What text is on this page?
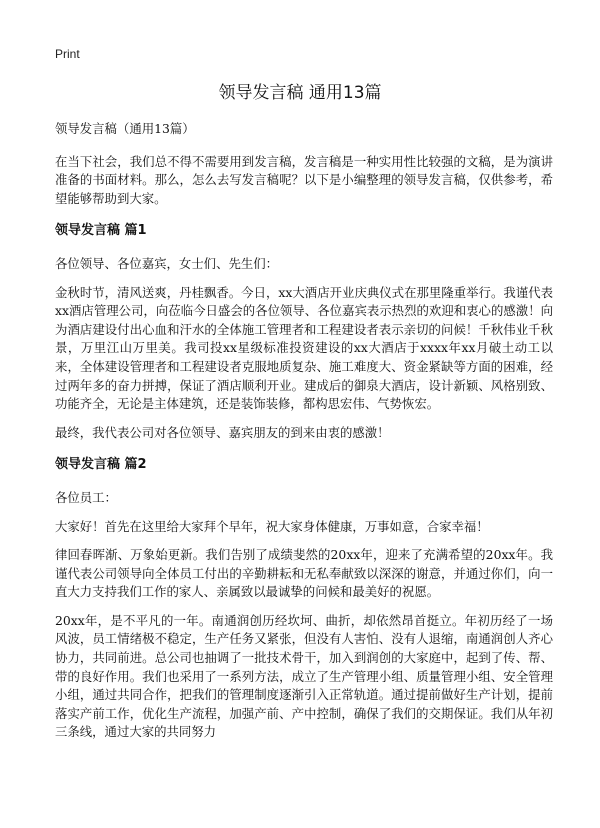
Print
领导发言稿 通用13篇

领导发言稿（通用13篇）

在当下社会，我们总不得不需要用到发言稿，发言稿是一种实用性比较强的文稿，是为演讲准备的书面材料。那么，怎么去写发言稿呢？以下是小编整理的领导发言稿，仅供参考，希望能够帮助到大家。

领导发言稿 篇1

各位领导、各位嘉宾，女士们、先生们：

金秋时节，清风送爽，丹桂飘香。今日，xx大酒店开业庆典仪式在那里隆重举行。我谨代表xx酒店管理公司，向莅临今日盛会的各位领导、各位嘉宾表示热烈的欢迎和衷心的感激！向为酒店建设付出心血和汗水的全体施工管理者和工程建设者表示亲切的问候！千秋伟业千秋景，万里江山万里美。我司投xx星级标准投资建设的xx大酒店于xxxx年xx月破土动工以来，全体建设管理者和工程建设者克服地质复杂、施工难度大、资金紧缺等方面的困难，经过两年多的奋力拼搏，保证了酒店顺利开业。建成后的御泉大酒店，设计新颖、风格别致、功能齐全，无论是主体建筑，还是装饰装修，都构思宏伟、气势恢宏。

最终，我代表公司对各位领导、嘉宾朋友的到来由衷的感激！

领导发言稿 篇2

各位员工：

大家好！首先在这里给大家拜个早年，祝大家身体健康，万事如意，合家幸福！

律回春晖渐、万象始更新。我们告别了成绩斐然的20xx年，迎来了充满希望的20xx年。我谨代表公司领导向全体员工付出的辛勤耕耘和无私奉献致以深深的谢意，并通过你们，向一直大力支持我们工作的家人、亲属致以最诚挚的问候和最美好的祝愿。

20xx年，是不平凡的一年。南通润创历经坎坷、曲折，却依然昂首挺立。年初历经了一场风波，员工情绪极不稳定，生产任务又紧张，但没有人害怕、没有人退缩，南通润创人齐心协力，共同前进。总公司也抽调了一批技术骨干，加入到润创的大家庭中，起到了传、帮、带的良好作用。我们也采用了一系列方法，成立了生产管理小组、质量管理小组、安全管理小组，通过共同合作，把我们的管理制度逐渐引入正常轨道。通过提前做好生产计划，提前落实产前工作，优化生产流程，加强产前、产中控制，确保了我们的交期保证。我们从年初三条线，通过大家的共同努力
